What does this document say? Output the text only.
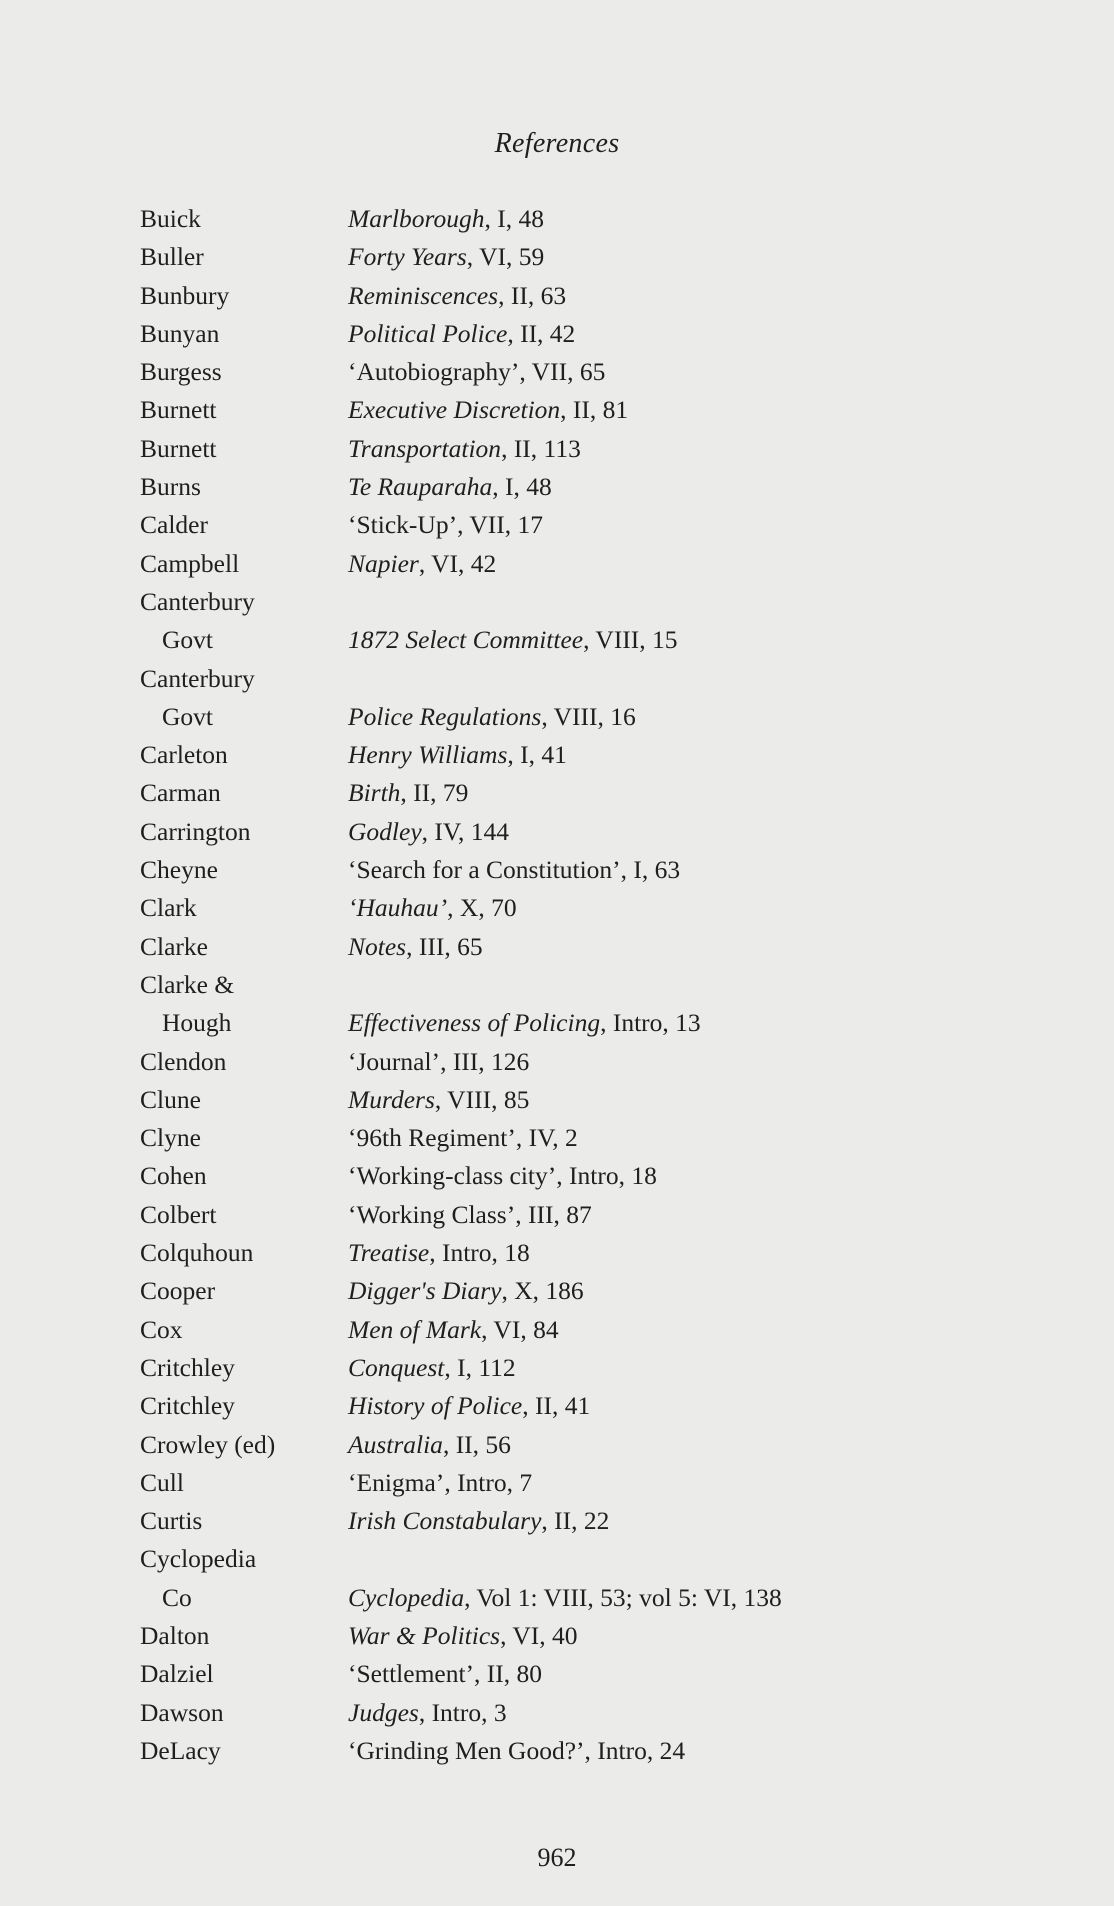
References
Buick	Marlborough, I, 48
Buller	Forty Years, VI, 59
Bunbury	Reminiscences, II, 63
Bunyan	Political Police, II, 42
Burgess	‘Autobiography’, VII, 65
Burnett	Executive Discretion, II, 81
Burnett	Transportation, II, 113
Burns	Te Rauparaha, I, 48
Calder	‘Stick-Up’, VII, 17
Campbell	Napier, VI, 42
Canterbury
Govt	1872 Select Committee, VIII, 15
Canterbury
Govt	Police Regulations, VIII, 16
Carleton	Henry Williams, I, 41
Carman	Birth, II, 79
Carrington	Godley, IV, 144
Cheyne	‘Search for a Constitution’, I, 63
Clark	‘Hauhau’, X, 70
Clarke	Notes, III, 65
Clarke &
Hough	Effectiveness of Policing, Intro, 13
Clendon	‘Journal’, III, 126
Clune	Murders, VIII, 85
Clyne	‘96th Regiment’, IV, 2
Cohen	‘Working-class city’, Intro, 18
Colbert	‘Working Class’, III, 87
Colquhoun	Treatise, Intro, 18
Cooper	Digger's Diary, X, 186
Cox	Men of Mark, VI, 84
Critchley	Conquest, I, 112
Critchley	History of Police, II, 41
Crowley (ed)	Australia, II, 56
Cull	‘Enigma’, Intro, 7
Curtis	Irish Constabulary, II, 22
Cyclopedia
Co	Cyclopedia, Vol 1: VIII, 53; vol 5: VI, 138
Dalton	War & Politics, VI, 40
Dalziel	‘Settlement’, II, 80
Dawson	Judges, Intro, 3
DeLacy	‘Grinding Men Good?’, Intro, 24
962
